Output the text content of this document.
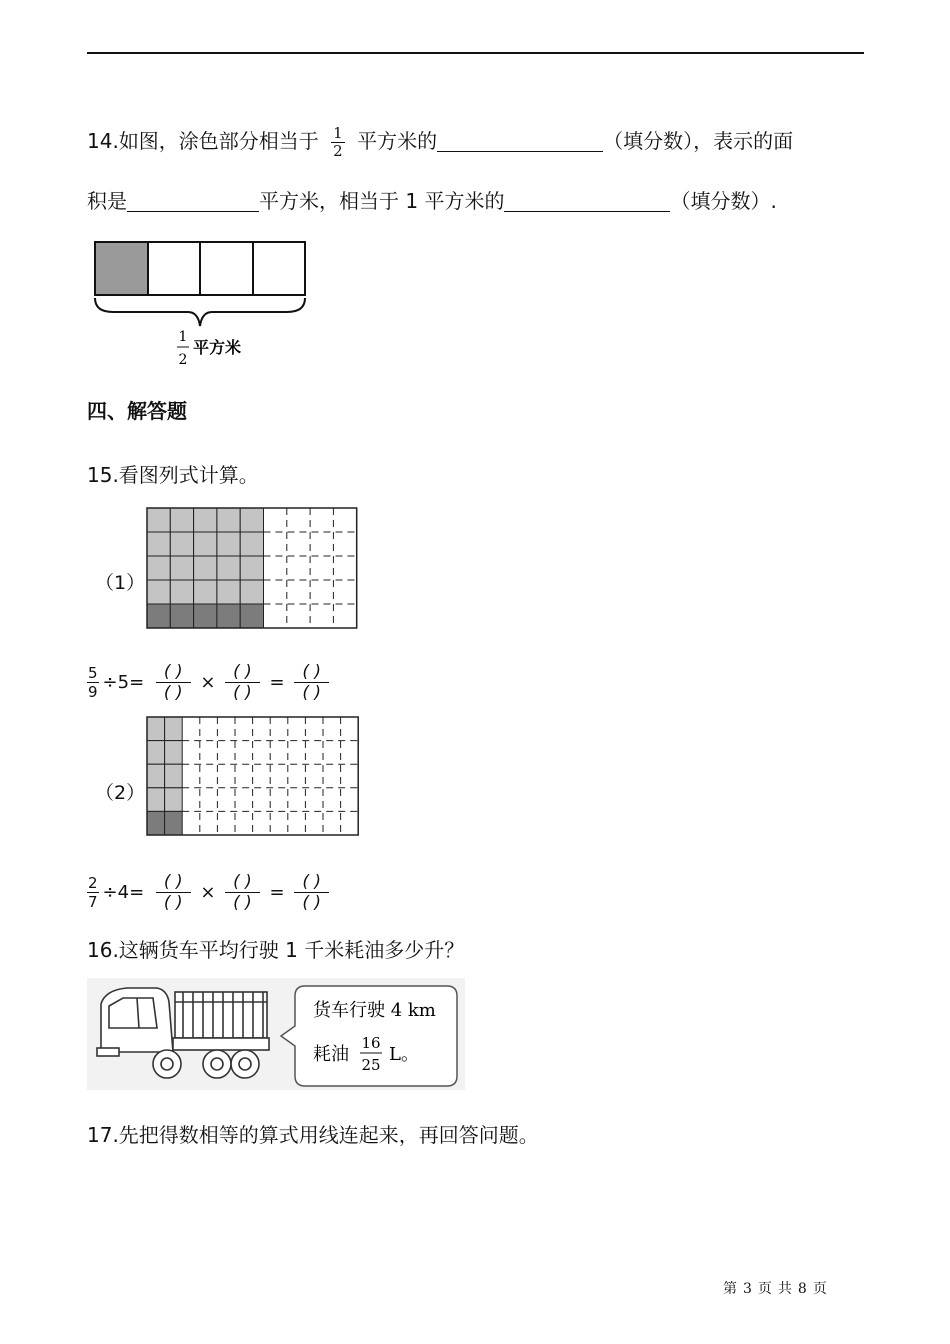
14.如图，涂色部分相当于 $\frac{1}{2}$ 平方米的	（填分数），表示的面
积是	平方米，相当于 1 平方米的	（填分数）.
1
2
平方米
四、解答题
15.看图列式计算。
（1）
$\frac{5}{9} \div 5=$	( )
( ) ×	( )
( ) =	( )
( )
（2）
$\frac{2}{7} \div 4=$	( )
( ) ×	( )
( ) =	( )
( )
16.这辆货车平均行驶 1 千米耗油多少升？
货车行驶 4 km
耗油
16
25 L。
17.先把得数相等的算式用线连起来，再回答问题。
第 3 页 共 8 页
